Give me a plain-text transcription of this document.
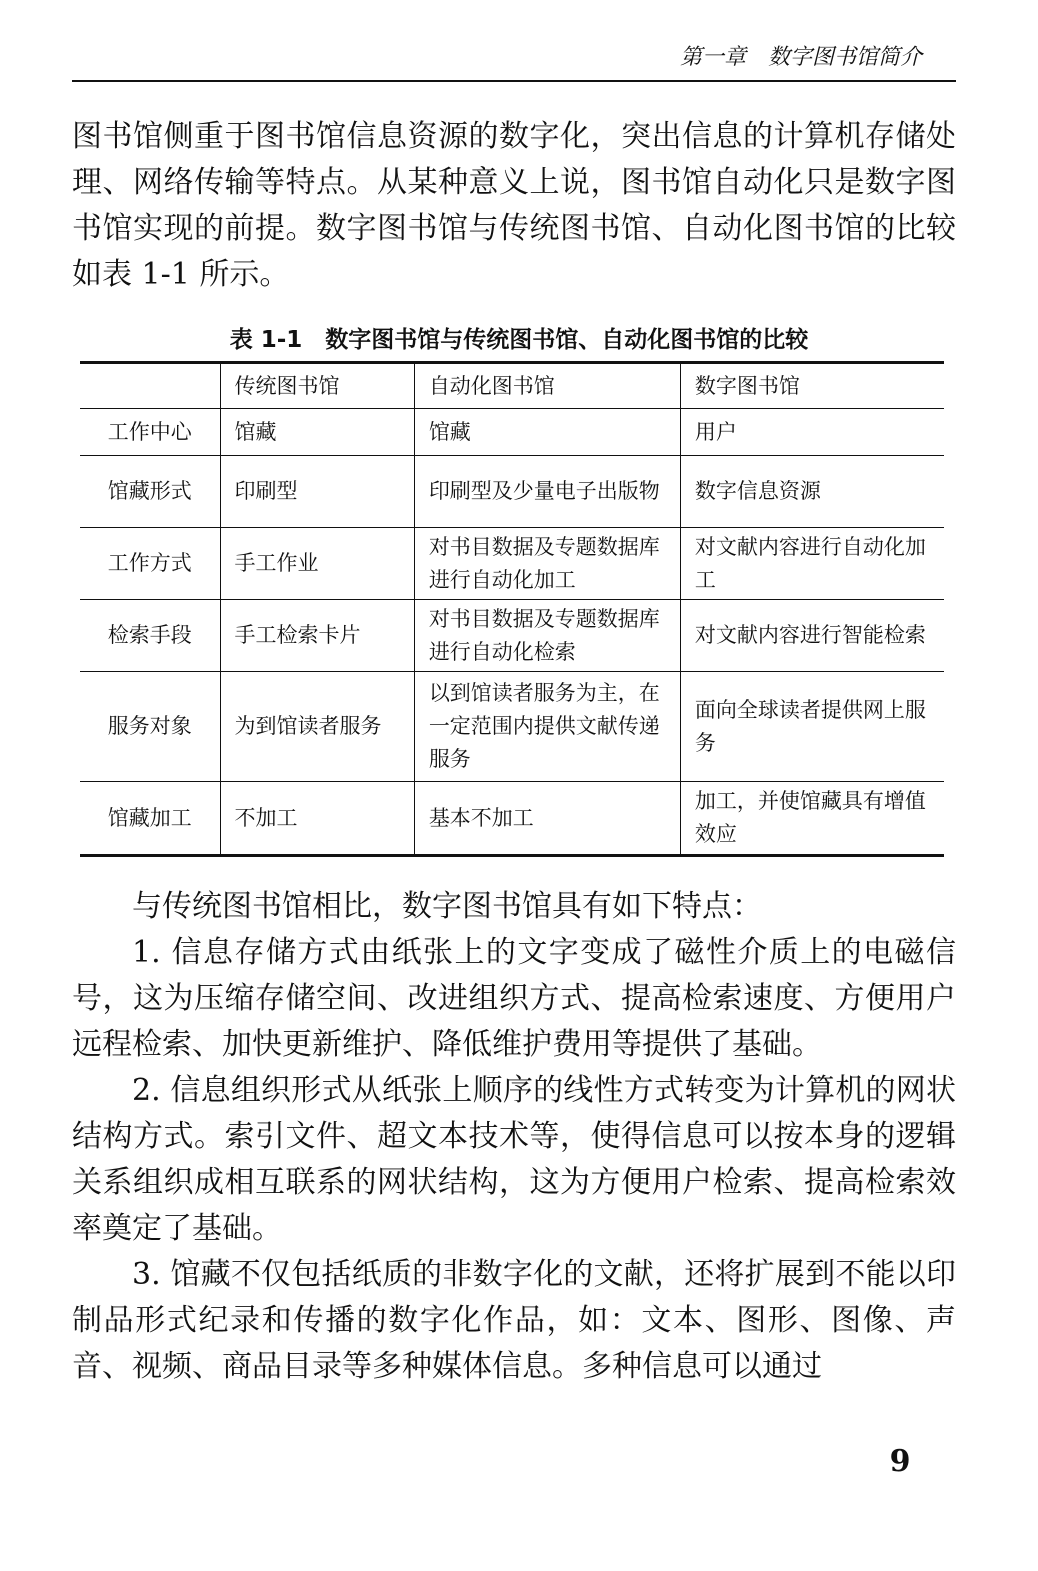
第一章　数字图书馆简介
图书馆侧重于图书馆信息资源的数字化，突出信息的计算机存储处理、网络传输等特点。从某种意义上说，图书馆自动化只是数字图书馆实现的前提。数字图书馆与传统图书馆、自动化图书馆的比较如表 1-1 所示。
表 1-1　数字图书馆与传统图书馆、自动化图书馆的比较
	传统图书馆	自动化图书馆	数字图书馆
工作中心	馆藏	馆藏	用户
馆藏形式	印刷型	印刷型及少量电子出版物	数字信息资源
工作方式	手工作业	对书目数据及专题数据库进行自动化加工	对文献内容进行自动化加工
检索手段	手工检索卡片	对书目数据及专题数据库进行自动化检索	对文献内容进行智能检索
服务对象	为到馆读者服务	以到馆读者服务为主，在一定范围内提供文献传递服务	面向全球读者提供网上服务
馆藏加工	不加工	基本不加工	加工，并使馆藏具有增值效应

与传统图书馆相比，数字图书馆具有如下特点：

1. 信息存储方式由纸张上的文字变成了磁性介质上的电磁信号，这为压缩存储空间、改进组织方式、提高检索速度、方便用户远程检索、加快更新维护、降低维护费用等提供了基础。

2. 信息组织形式从纸张上顺序的线性方式转变为计算机的网状结构方式。索引文件、超文本技术等，使得信息可以按本身的逻辑关系组织成相互联系的网状结构，这为方便用户检索、提高检索效率奠定了基础。

3. 馆藏不仅包括纸质的非数字化的文献，还将扩展到不能以印制品形式纪录和传播的数字化作品，如：文本、图形、图像、声音、视频、商品目录等多种媒体信息。多种信息可以通过

9
